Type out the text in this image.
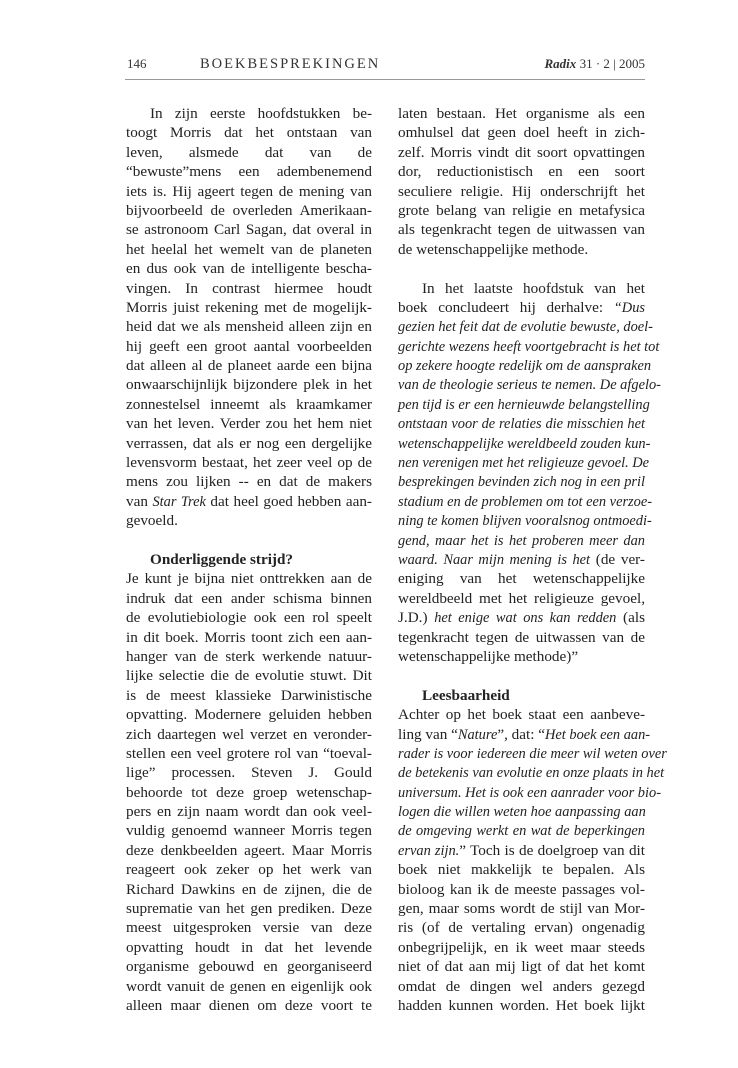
146	BOEKBESPREKINGEN	Radix 31 · 2 | 2005
In zijn eerste hoofdstukken be-
toogt Morris dat het ontstaan van
leven, alsmede dat van de
“bewuste”mens een adembenemend
iets is. Hij ageert tegen de mening van
bijvoorbeeld de overleden Amerikaan-
se astronoom Carl Sagan, dat overal in
het heelal het wemelt van de planeten
en dus ook van de intelligente bescha-
vingen. In contrast hiermee houdt
Morris juist rekening met de mogelijk-
heid dat we als mensheid alleen zijn en
hij geeft een groot aantal voorbeelden
dat alleen al de planeet aarde een bijna
onwaarschijnlijk bijzondere plek in het
zonnestelsel inneemt als kraamkamer
van het leven. Verder zou het hem niet
verrassen, dat als er nog een dergelijke
levensvorm bestaat, het zeer veel op de
mens zou lijken -- en dat de makers
van Star Trek dat heel goed hebben aan-
gevoeld.
Onderliggende strijd?
Je kunt je bijna niet onttrekken aan de
indruk dat een ander schisma binnen
de evolutiebiologie ook een rol speelt
in dit boek. Morris toont zich een aan-
hanger van de sterk werkende natuur-
lijke selectie die de evolutie stuwt. Dit
is de meest klassieke Darwinistische
opvatting. Modernere geluiden hebben
zich daartegen wel verzet en veronder-
stellen een veel grotere rol van “toeval-
lige” processen. Steven J. Gould
behoorde tot deze groep wetenschap-
pers en zijn naam wordt dan ook veel-
vuldig genoemd wanneer Morris tegen
deze denkbeelden ageert. Maar Morris
reageert ook zeker op het werk van
Richard Dawkins en de zijnen, die de
suprematie van het gen prediken. Deze
meest uitgesproken versie van deze
opvatting houdt in dat het levende
organisme gebouwd en georganiseerd
wordt vanuit de genen en eigenlijk ook
alleen maar dienen om deze voort te
laten bestaan. Het organisme als een
omhulsel dat geen doel heeft in zich-
zelf. Morris vindt dit soort opvattingen
dor, reductionistisch en een soort
seculiere religie. Hij onderschrijft het
grote belang van religie en metafysica
als tegenkracht tegen de uitwassen van
de wetenschappelijke methode.
In het laatste hoofdstuk van het
boek concludeert hij derhalve: “Dus
gezien het feit dat de evolutie bewuste, doel-
gerichte wezens heeft voortgebracht is het tot
op zekere hoogte redelijk om de aanspraken
van de theologie serieus te nemen. De afgelo-
pen tijd is er een hernieuwde belangstelling
ontstaan voor de relaties die misschien het
wetenschappelijke wereldbeeld zouden kun-
nen verenigen met het religieuze gevoel. De
besprekingen bevinden zich nog in een pril
stadium en de problemen om tot een verzoe-
ning te komen blijven vooralsnog ontmoedi-
gend, maar het is het proberen meer dan
waard. Naar mijn mening is het (de ver-
eniging van het wetenschappelijke
wereldbeeld met het religieuze gevoel,
J.D.) het enige wat ons kan redden (als
tegenkracht tegen de uitwassen van de
wetenschappelijke methode)”
Leesbaarheid
Achter op het boek staat een aanbeve-
ling van “Nature”, dat: “Het boek een aan-
rader is voor iedereen die meer wil weten over
de betekenis van evolutie en onze plaats in het
universum. Het is ook een aanrader voor bio-
logen die willen weten hoe aanpassing aan
de omgeving werkt en wat de beperkingen
ervan zijn.” Toch is de doelgroep van dit
boek niet makkelijk te bepalen. Als
bioloog kan ik de meeste passages vol-
gen, maar soms wordt de stijl van Mor-
ris (of de vertaling ervan) ongenadig
onbegrijpelijk, en ik weet maar steeds
niet of dat aan mij ligt of dat het komt
omdat de dingen wel anders gezegd
hadden kunnen worden. Het boek lijkt
